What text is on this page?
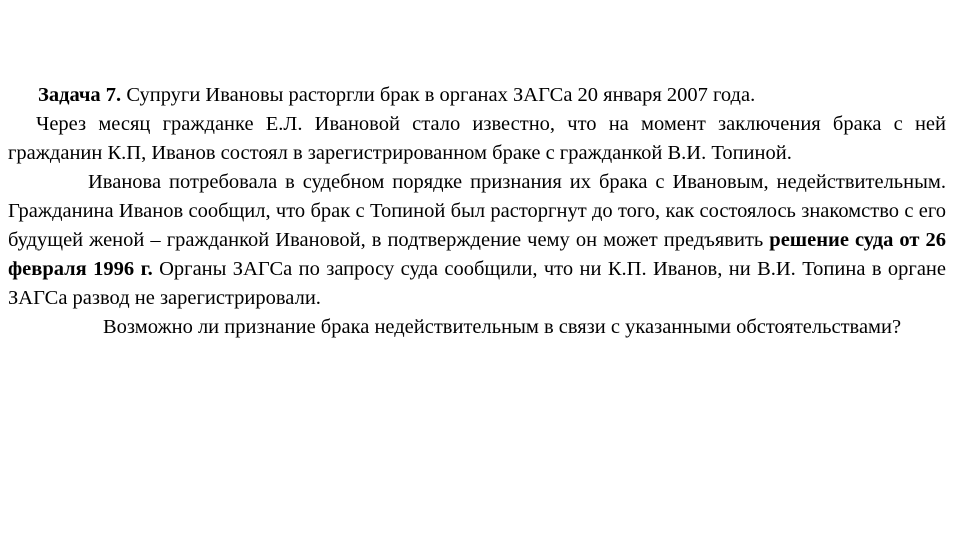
Задача 7. Супруги Ивановы расторгли брак в органах ЗАГСа 20 января 2007 года.

Через месяц гражданке Е.Л. Ивановой стало известно, что на момент заключения брака с ней гражданин К.П, Иванов состоял в зарегистрированном браке с гражданкой В.И. Топиной.

Иванова потребовала в судебном порядке признания их брака с Ивановым, недействительным. Гражданина Иванов сообщил, что брак с Топиной был расторгнут до того, как состоялось знакомство с его будущей женой – гражданкой Ивановой, в подтверждение чему он может предъявить решение суда от 26 февраля 1996 г. Органы ЗАГСа по запросу суда сообщили, что ни К.П. Иванов, ни В.И. Топина в органе ЗАГСа развод не зарегистрировали.

Возможно ли признание брака недействительным в связи с указанными обстоятельствами?
